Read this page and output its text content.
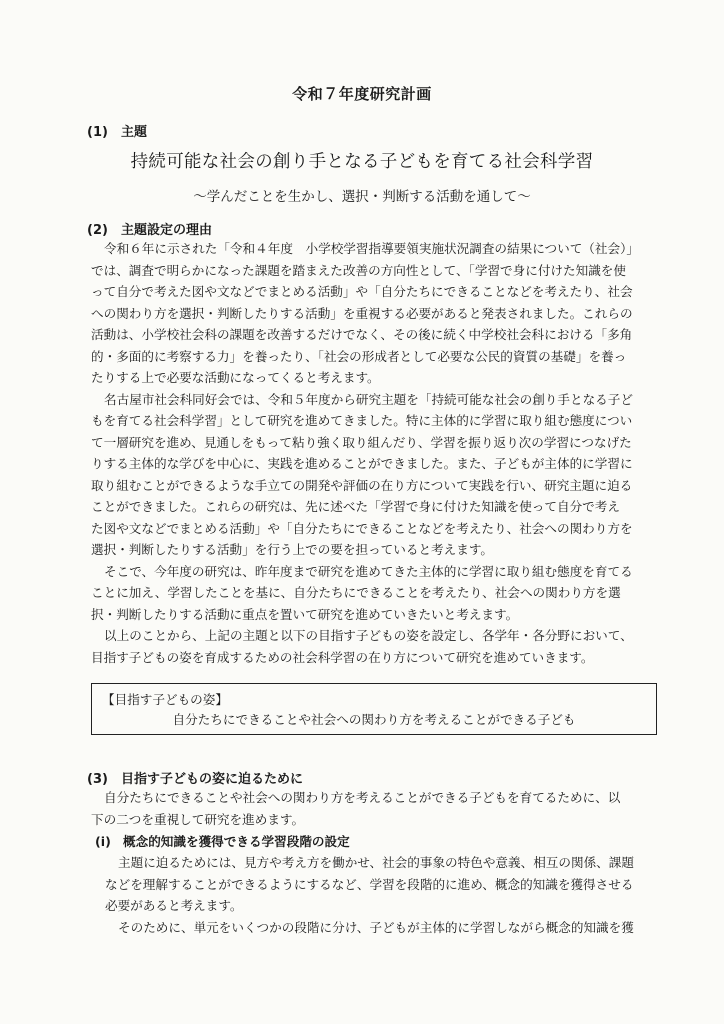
令和７年度研究計画
(1) 主題
持続可能な社会の創り手となる子どもを育てる社会科学習
〜学んだことを生かし、選択・判断する活動を通して〜
(2) 主題設定の理由
令和６年に示された「令和４年度　小学校学習指導要領実施状況調査の結果について（社会）」
では、調査で明らかになった課題を踏まえた改善の方向性として、「学習で身に付けた知識を使
って自分で考えた図や文などでまとめる活動」や「自分たちにできることなどを考えたり、社会
への関わり方を選択・判断したりする活動」を重視する必要があると発表されました。これらの
活動は、小学校社会科の課題を改善するだけでなく、その後に続く中学校社会科における「多角
的・多面的に考察する力」を養ったり、「社会の形成者として必要な公民的資質の基礎」を養っ
たりする上で必要な活動になってくると考えます。
名古屋市社会科同好会では、令和５年度から研究主題を「持続可能な社会の創り手となる子ど
もを育てる社会科学習」として研究を進めてきました。特に主体的に学習に取り組む態度につい
て一層研究を進め、見通しをもって粘り強く取り組んだり、学習を振り返り次の学習につなげた
りする主体的な学びを中心に、実践を進めることができました。また、子どもが主体的に学習に
取り組むことができるような手立ての開発や評価の在り方について実践を行い、研究主題に迫る
ことができました。これらの研究は、先に述べた「学習で身に付けた知識を使って自分で考え
た図や文などでまとめる活動」や「自分たちにできることなどを考えたり、社会への関わり方を
選択・判断したりする活動」を行う上での要を担っていると考えます。
そこで、今年度の研究は、昨年度まで研究を進めてきた主体的に学習に取り組む態度を育てる
ことに加え、学習したことを基に、自分たちにできることを考えたり、社会への関わり方を選
択・判断したりする活動に重点を置いて研究を進めていきたいと考えます。
以上のことから、上記の主題と以下の目指す子どもの姿を設定し、各学年・各分野において、
目指す子どもの姿を育成するための社会科学習の在り方について研究を進めていきます。
【目指す子どもの姿】
自分たちにできることや社会への関わり方を考えることができる子ども
(3) 目指す子どもの姿に迫るために
自分たちにできることや社会への関わり方を考えることができる子どもを育てるために、以
下の二つを重視して研究を進めます。
(ⅰ) 概念的知識を獲得できる学習段階の設定
主題に迫るためには、見方や考え方を働かせ、社会的事象の特色や意義、相互の関係、課題
などを理解することができるようにするなど、学習を段階的に進め、概念的知識を獲得させる
必要があると考えます。
そのために、単元をいくつかの段階に分け、子どもが主体的に学習しながら概念的知識を獲
